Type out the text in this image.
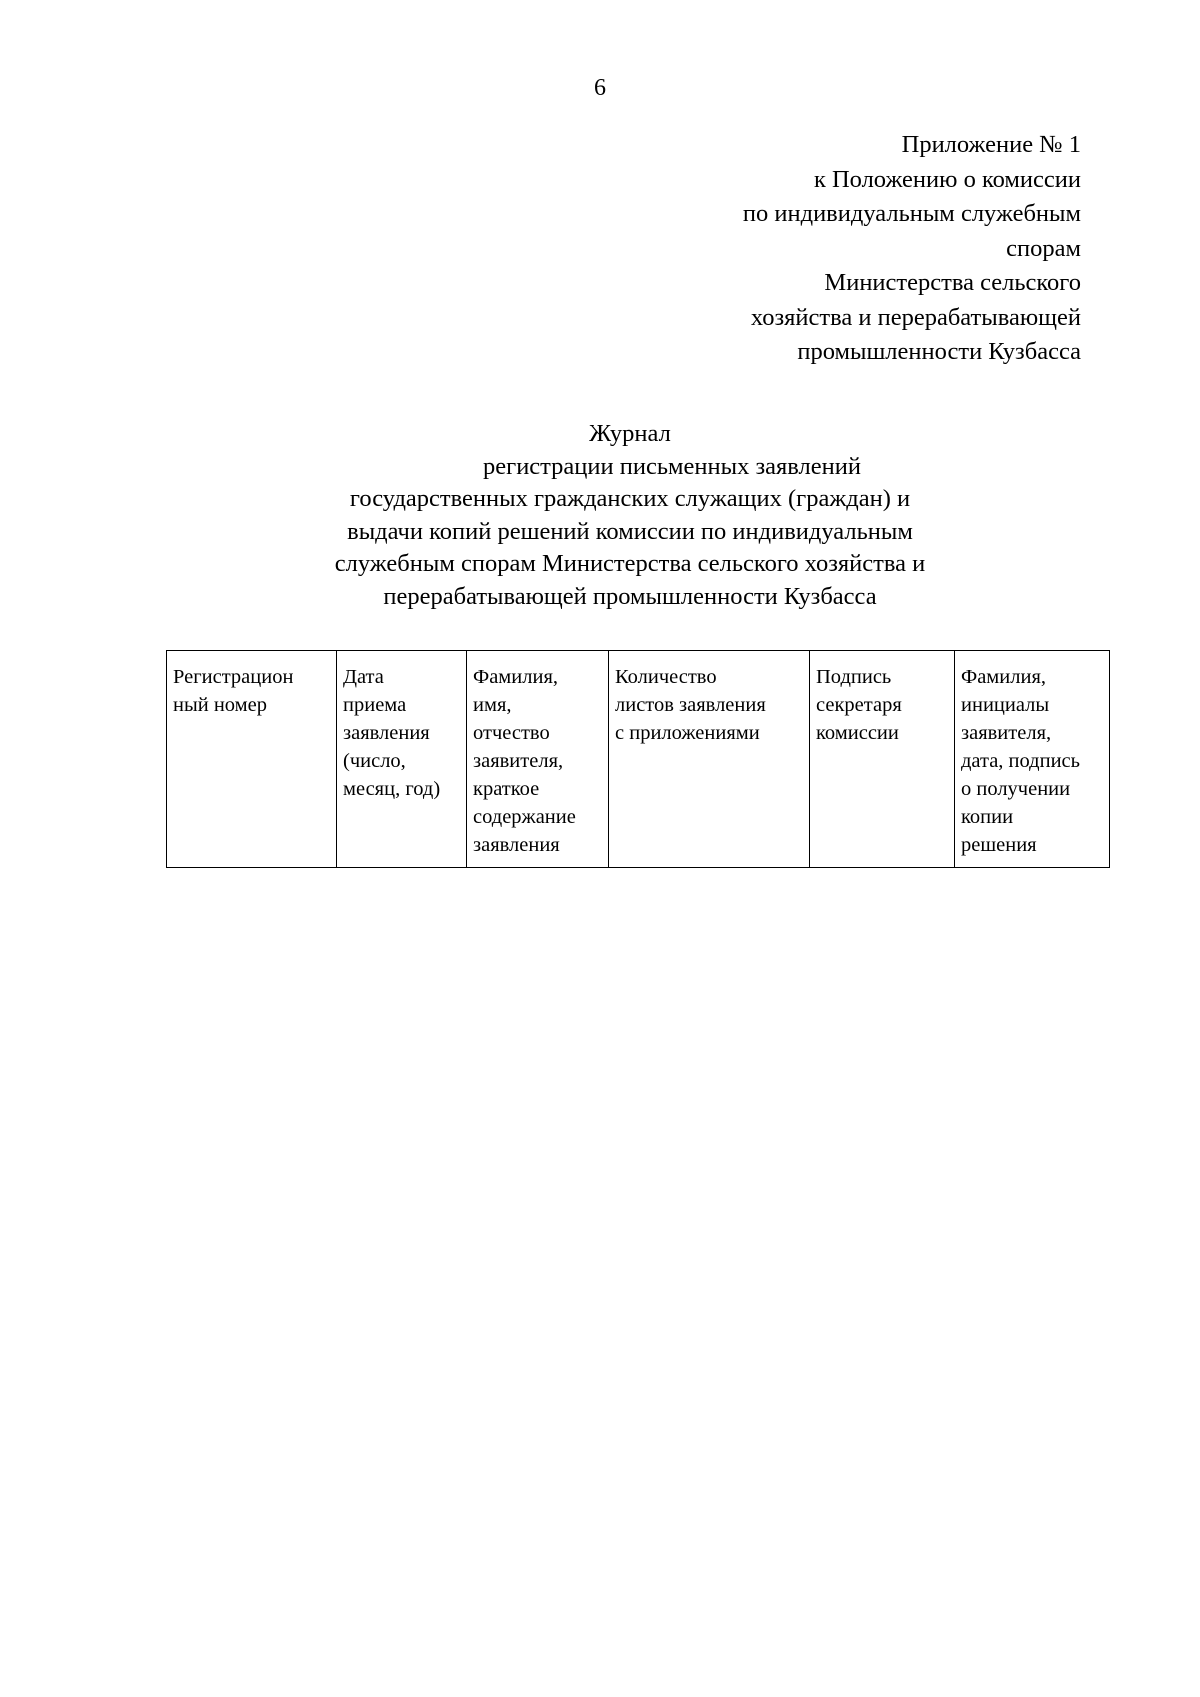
6
Приложение № 1
к Положению о комиссии
по индивидуальным служебным
спорам
Министерства сельского
хозяйства и перерабатывающей
промышленности Кузбасса
Журнал
регистрации письменных заявлений
государственных гражданских служащих (граждан) и
выдачи копий решений комиссии по индивидуальным
служебным спорам Министерства сельского хозяйства и
перерабатывающей промышленности Кузбасса
Регистрацион
ный номер

Дата
приема
заявления
(число,
месяц, год)

Фамилия,
имя,
отчество
заявителя,
краткое
содержание
заявления

Количество
листов заявления
с приложениями

Подпись
секретаря
комиссии

Фамилия,
инициалы
заявителя,
дата, подпись
о получении
копии
решения
